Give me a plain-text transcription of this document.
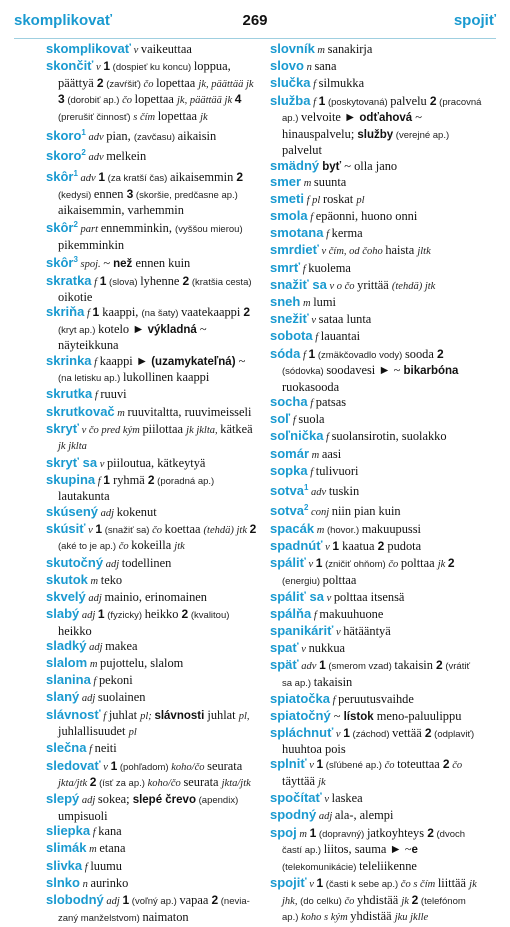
skomplikovať	269	spojiť
skomplikovať v vaikeuttaa
skončiť v 1 (dospieť ku koncu) loppua, päättyä 2 (zavŕšiť) čo lopettaa jk, päättää jk 3 (dorobiť ap.) čo lopettaa jk, päättää jk 4 (prerušiť činnosť) s čím lopettaa jk
skoro$^1$ adv pian, (zavčasu) aikaisin
skoro$^2$ adv melkein
skôr$^1$ adv 1 (za kratší čas) aikaisemmin 2 (kedysi) ennen 3 (skoršie, predčasne ap.) aikaisemmin, varhemmin
skôr$^2$ part ennemminkin, (vyššou mierou) pikemminkin
skôr$^3$ spoj. ~ než ennen kuin
skratka f 1 (slova) lyhenne 2 (kratšia cesta) oikotie
skriňa f 1 kaappi, (na šaty) vaatekaappi 2 (kryt ap.) kotelo ► výkladná ~ näyteikkuna
skrinka f kaappi ► (uzamykateľná) ~ (na letisku ap.) lukollinen kaappi
skrutka f ruuvi
skrutkovač m ruuvitaltta, ruuvimeisseli
skryť v čo pred kým piilottaa jk jklta, kätkeä jk jklta
skryť sa v piiloutua, kätkeytyä
skupina f 1 ryhmä 2 (poradná ap.) lautakunta
skúsený adj kokenut
skúsiť v 1 (snažiť sa) čo koettaa (tehdä) jtk 2 (aké to je ap.) čo kokeilla jtk
skutočný adj todellinen
skutok m teko
skvelý adj mainio, erinomainen
slabý adj 1 (fyzicky) heikko 2 (kvalitou) heikko
sladký adj makea
slalom m pujottelu, slalom
slanina f pekoni
slaný adj suolainen
slávnosť f juhlat pl; slávnosti juhlat pl, juhlallisuudet pl
slečna f neiti
sledovať v 1 (pohľadom) koho/čo seurata jkta/jtk 2 (ísť za ap.) koho/čo seurata jkta/jtk
slepý adj sokea; slepé črevo (apendix) umpisuoli
sliepka f kana
slimák m etana
slivka f luumu
slnko n aurinko
slobodný adj 1 (voľný ap.) vapaa 2 (nevia-zaný manželstvom) naimaton
slovník m sanakirja
slovo n sana
slučka f silmukka
služba f 1 (poskytovaná) palvelu 2 (pracovná ap.) velvoite ► odťahová ~ hinauspalvelu; služby (verejné ap.) palvelut
smädný byť ~ olla jano
smer m suunta
smeti f pl roskat pl
smola f epäonni, huono onni
smotana f kerma
smrdieť v čím, od čoho haista jltk
smrť f kuolema
snažiť sa v o čo yrittää (tehdä) jtk
sneh m lumi
snežiť v sataa lunta
sobota f lauantai
sóda f 1 (zmäkčovadlo vody) sooda 2 (sódovka) soodavesi ► ~ bikarbóna ruokasooda
socha f patsas
soľ f suola
soľnička f suolansirotin, suolakko
somár m aasi
sopka f tulivuori
sotva$^1$ adv tuskin
sotva$^2$ conj niin pian kuin
spacák m (hovor.) makuupussi
spadnúť v 1 kaatua 2 pudota
spáliť v 1 (zničiť ohňom) čo polttaa jk 2 (energiu) polttaa
spáliť sa v polttaa itsensä
spálňa f makuuhuone
spanikáriť v hätääntyä
spať v nukkua
späť adv 1 (smerom vzad) takaisin 2 (vrátiť sa ap.) takaisin
spiatočka f peruutusvaihde
spiatočný ~ lístok meno-paluulippu
spláchnuť v 1 (záchod) vettää 2 (odplaviť) huuhtoa pois
splniť v 1 (sľúbené ap.) čo toteuttaa 2 čo täyttää jk
spočítať v laskea
spodný adj ala-, alempi
spoj m 1 (dopravný) jatkoyhteys 2 (dvoch častí ap.) liitos, sauma ► ~e (telekomunikácie) teleliikenne
spojiť v 1 (časti k sebe ap.) čo s čím liittää jk jhk, (do celku) čo yhdistää jk 2 (telefónom ap.) koho s kým yhdistää jku jklle
